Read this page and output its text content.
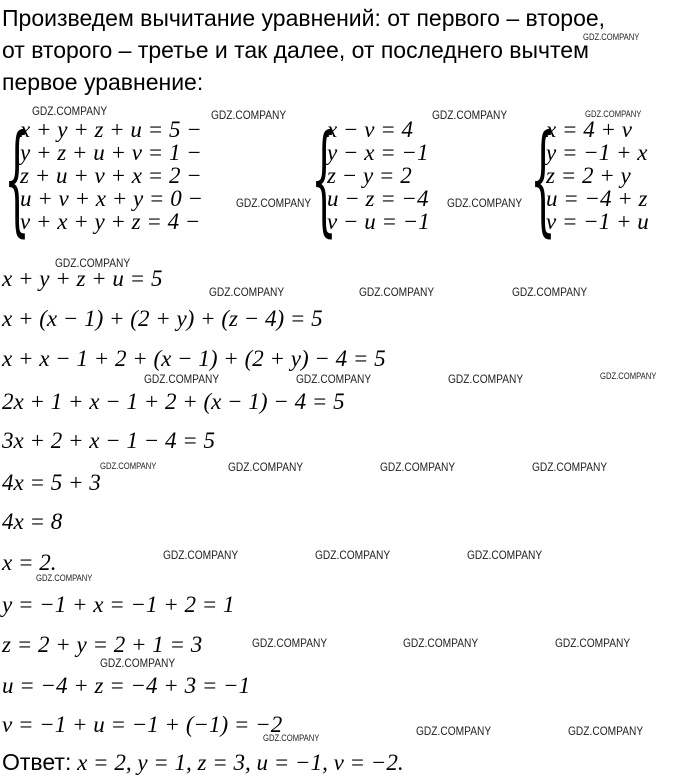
Произведем вычитание уравнений: от первого – второе,
от второго – третье и так далее, от последнего вычтем
первое уравнение:
{
x + y + z + u = 5 −
y + z + u + v = 1 −
z + u + v + x = 2 −
u + v + x + y = 0 −
v + x + y + z = 4 − {
x − v = 4
y − x = −1
z − y = 2
u − z = −4
v − u = −1 {
x = 4 + v
y = −1 + x
z = 2 + y
u = −4 + z
v = −1 + u
x + y + z + u = 5
x + (x − 1) + (2 + y) + (z − 4) = 5
x + x − 1 + 2 + (x − 1) + (2 + y) − 4 = 5
2x + 1 + x − 1 + 2 + (x − 1) − 4 = 5
3x + 2 + x − 1 − 4 = 5
4x = 5 + 3
4x = 8
x = 2.
y = −1 + x = −1 + 2 = 1
z = 2 + y = 2 + 1 = 3
u = −4 + z = −4 + 3 = −1
v = −1 + u = −1 + (−1) = −2
Ответ: x = 2, y = 1, z = 3, u = −1, v = −2.
GDZ.COMPANY
GDZ.COMPANY	GDZ.COMPANY	GDZ.COMPANY	GDZ.COMPANY
GDZ.COMPANY	GDZ.COMPANY
GDZ.COMPANY
GDZ.COMPANY	GDZ.COMPANY	GDZ.COMPANY
GDZ.COMPANY	GDZ.COMPANY	GDZ.COMPANY	GDZ.COMPANY
GDZ.COMPANY	GDZ.COMPANY	GDZ.COMPANY	GDZ.COMPANY
GDZ.COMPANY	GDZ.COMPANY	GDZ.COMPANY
GDZ.COMPANY
GDZ.COMPANY	GDZ.COMPANY	GDZ.COMPANY
GDZ.COMPANY
GDZ.COMPANY	GDZ.COMPANY
GDZ.COMPANY
